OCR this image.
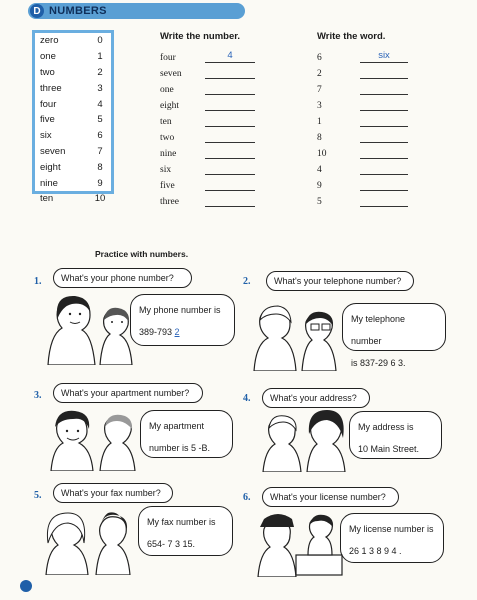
D NUMBERS
zero	0
one	1
two	2
three	3
four	4
five	5
six	6
seven	7
eight	8
nine	9
ten	10
Write the number.
four	4
seven
one
eight
ten
two
nine
six
five
three
Write the word.
6	six
2
7
3
1
8
10
4
9
5
Practice with numbers.
1. What's your phone number?
My phone number is
389-793 2
2.	What's your telephone number?
My telephone number
is 837-29 6 3.
3. What's your apartment number?
My apartment
number is 5 -B.
4. What's your address?
My address is
10 Main Street.
5. What's your fax number?
My fax number is
654- 7 3 15.
6. What's your license number?
My license number is
26 1 3 8 9 4 .
